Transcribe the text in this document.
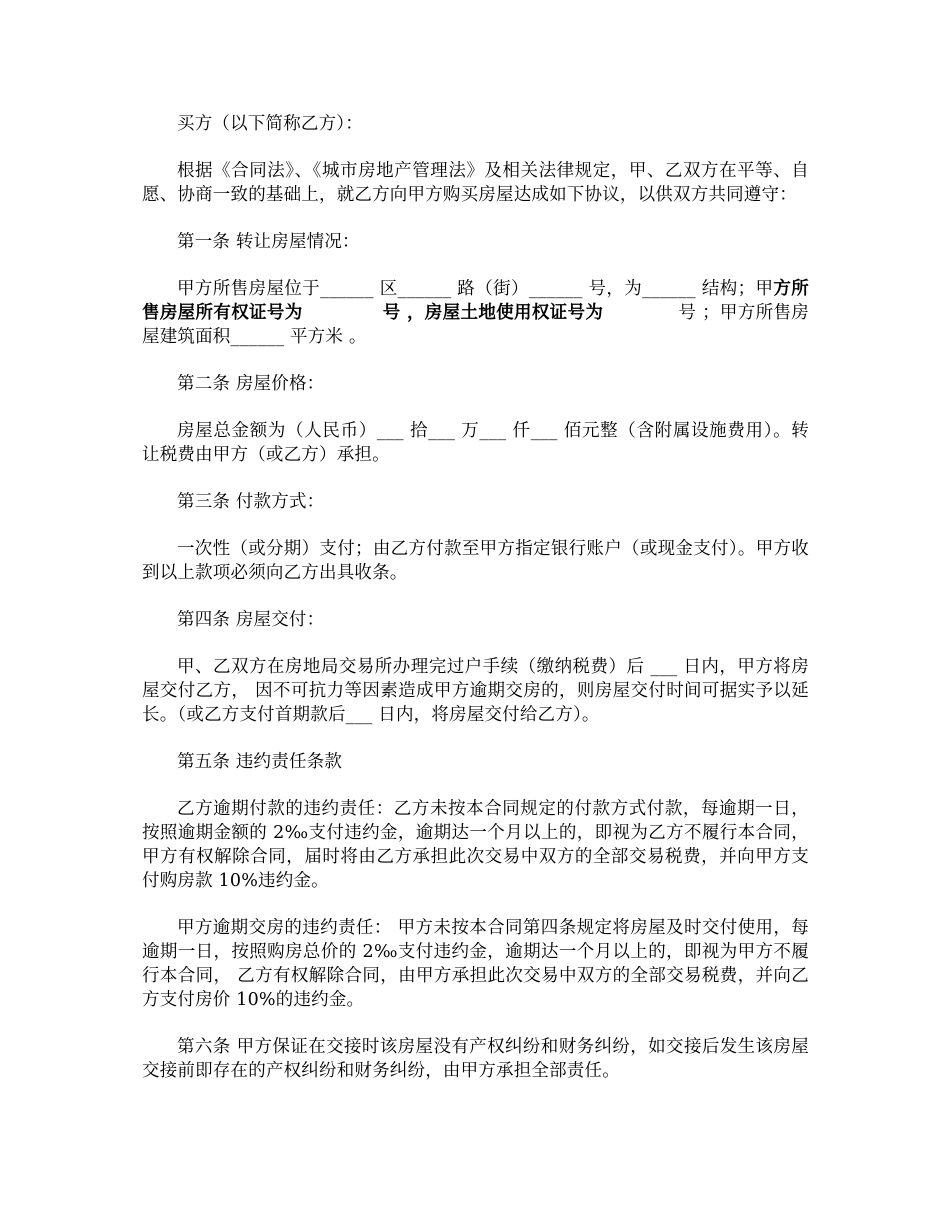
买方（以下简称乙方）：

根据《合同法》、《城市房地产管理法》及相关法律规定，甲、乙双方在平等、自愿、协商一致的基础上，就乙方向甲方购买房屋达成如下协议，以供双方共同遵守：

第一条 转让房屋情况：

甲方所售房屋位于______ 区______ 路（街）______ 号，为______ 结构；甲方所售房屋所有权证号为	号 ，房屋土地使用权证号为	号 ；甲方所售房屋建筑面积______ 平方米 。

第二条 房屋价格：

房屋总金额为（人民币）___ 拾___ 万___ 仟___ 佰元整（含附属设施费用）。转让税费由甲方（或乙方）承担。

第三条 付款方式：

一次性（或分期）支付；由乙方付款至甲方指定银行账户（或现金支付）。甲方收到以上款项必须向乙方出具收条。

第四条 房屋交付：

甲、乙双方在房地局交易所办理完过户手续（缴纳税费）后 ___ 日内，甲方将房屋交付乙方， 因不可抗力等因素造成甲方逾期交房的，则房屋交付时间可据实予以延长。（或乙方支付首期款后___ 日内，将房屋交付给乙方）。

第五条 违约责任条款

乙方逾期付款的违约责任：乙方未按本合同规定的付款方式付款，每逾期一日，按照逾期金额的 2‰支付违约金，逾期达一个月以上的，即视为乙方不履行本合同，甲方有权解除合同，届时将由乙方承担此次交易中双方的全部交易税费，并向甲方支付购房款 10%违约金。

甲方逾期交房的违约责任： 甲方未按本合同第四条规定将房屋及时交付使用，每逾期一日，按照购房总价的 2‰支付违约金，逾期达一个月以上的，即视为甲方不履行本合同， 乙方有权解除合同，由甲方承担此次交易中双方的全部交易税费，并向乙方支付房价 10%的违约金。

第六条 甲方保证在交接时该房屋没有产权纠纷和财务纠纷，如交接后发生该房屋交接前即存在的产权纠纷和财务纠纷，由甲方承担全部责任。
